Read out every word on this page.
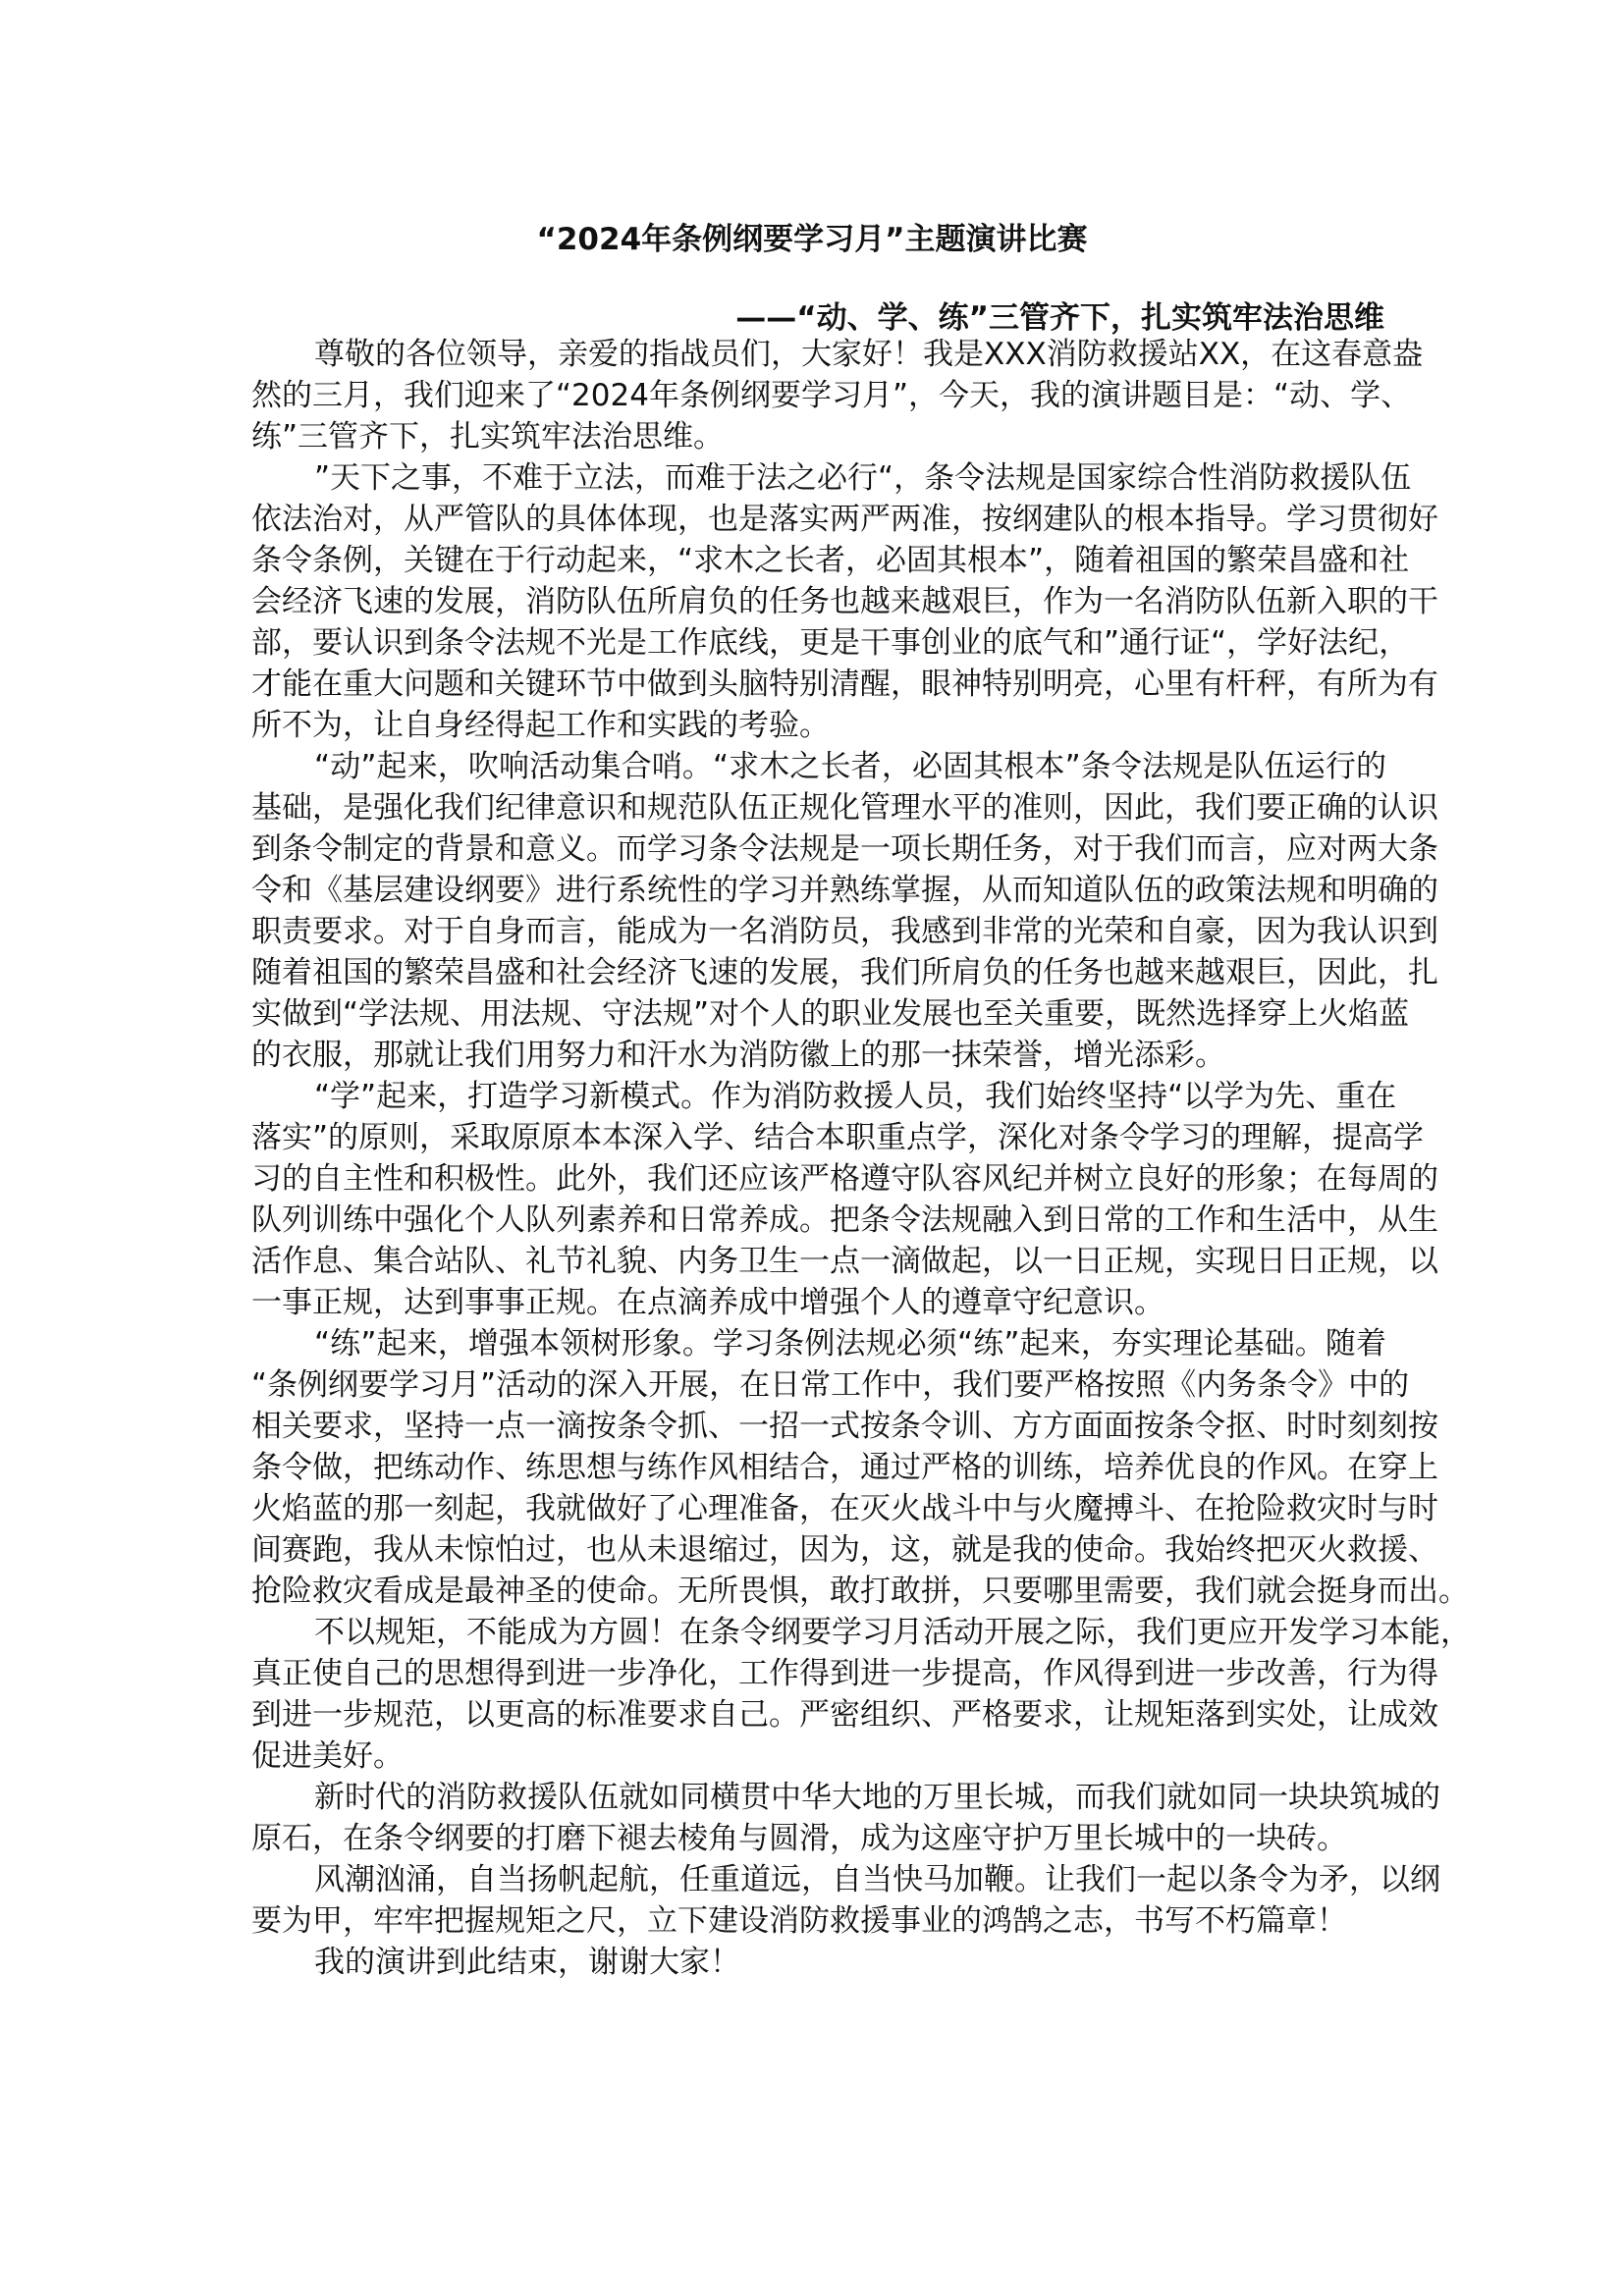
“2024年条例纲要学习月”主题演讲比赛
——“动、学、练”三管齐下，扎实筑牢法治思维
尊敬的各位领导，亲爱的指战员们，大家好！我是XXX消防救援站XX，在这春意盎
然的三月，我们迎来了“2024年条例纲要学习月”，今天，我的演讲题目是：“动、学、
练”三管齐下，扎实筑牢法治思维。
”天下之事，不难于立法，而难于法之必行“，条令法规是国家综合性消防救援队伍
依法治对，从严管队的具体体现，也是落实两严两准，按纲建队的根本指导。学习贯彻好
条令条例，关键在于行动起来，“求木之长者，必固其根本”，随着祖国的繁荣昌盛和社
会经济飞速的发展，消防队伍所肩负的任务也越来越艰巨，作为一名消防队伍新入职的干
部，要认识到条令法规不光是工作底线，更是干事创业的底气和”通行证“，学好法纪，
才能在重大问题和关键环节中做到头脑特别清醒，眼神特别明亮，心里有杆秤，有所为有
所不为，让自身经得起工作和实践的考验。
“动”起来，吹响活动集合哨。“求木之长者，必固其根本”条令法规是队伍运行的
基础，是强化我们纪律意识和规范队伍正规化管理水平的准则，因此，我们要正确的认识
到条令制定的背景和意义。而学习条令法规是一项长期任务，对于我们而言，应对两大条
令和《基层建设纲要》进行系统性的学习并熟练掌握，从而知道队伍的政策法规和明确的
职责要求。对于自身而言，能成为一名消防员，我感到非常的光荣和自豪，因为我认识到
随着祖国的繁荣昌盛和社会经济飞速的发展，我们所肩负的任务也越来越艰巨，因此，扎
实做到“学法规、用法规、守法规”对个人的职业发展也至关重要，既然选择穿上火焰蓝
的衣服，那就让我们用努力和汗水为消防徽上的那一抹荣誉，增光添彩。
“学”起来，打造学习新模式。作为消防救援人员，我们始终坚持“以学为先、重在
落实”的原则，采取原原本本深入学、结合本职重点学，深化对条令学习的理解，提高学
习的自主性和积极性。此外，我们还应该严格遵守队容风纪并树立良好的形象；在每周的
队列训练中强化个人队列素养和日常养成。把条令法规融入到日常的工作和生活中，从生
活作息、集合站队、礼节礼貌、内务卫生一点一滴做起，以一日正规，实现日日正规，以
一事正规，达到事事正规。在点滴养成中增强个人的遵章守纪意识。
“练”起来，增强本领树形象。学习条例法规必须“练”起来，夯实理论基础。随着
“条例纲要学习月”活动的深入开展，在日常工作中，我们要严格按照《内务条令》中的
相关要求，坚持一点一滴按条令抓、一招一式按条令训、方方面面按条令抠、时时刻刻按
条令做，把练动作、练思想与练作风相结合，通过严格的训练，培养优良的作风。在穿上
火焰蓝的那一刻起，我就做好了心理准备，在灭火战斗中与火魔搏斗、在抢险救灾时与时
间赛跑，我从未惊怕过，也从未退缩过，因为，这，就是我的使命。我始终把灭火救援、
抢险救灾看成是最神圣的使命。无所畏惧，敢打敢拼，只要哪里需要，我们就会挺身而出。
不以规矩，不能成为方圆！在条令纲要学习月活动开展之际，我们更应开发学习本能，
真正使自己的思想得到进一步净化，工作得到进一步提高，作风得到进一步改善，行为得
到进一步规范，以更高的标准要求自己。严密组织、严格要求，让规矩落到实处，让成效
促进美好。
新时代的消防救援队伍就如同横贯中华大地的万里长城，而我们就如同一块块筑城的
原石，在条令纲要的打磨下褪去棱角与圆滑，成为这座守护万里长城中的一块砖。
风潮汹涌，自当扬帆起航，任重道远，自当快马加鞭。让我们一起以条令为矛，以纲
要为甲，牢牢把握规矩之尺，立下建设消防救援事业的鸿鹄之志，书写不朽篇章！
我的演讲到此结束，谢谢大家！
